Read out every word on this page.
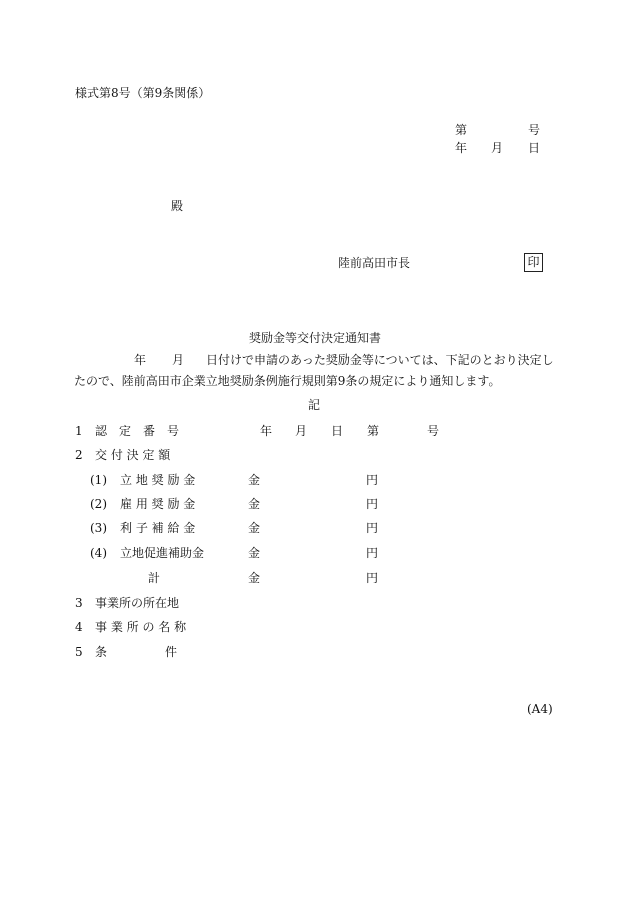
様式第8号（第9条関係）
第	号
年 月 日
殿
陸前高田市長	印
奨励金等交付決定通知書
年 月 日付けで申請のあった奨励金等については、下記のとおり決定し
たので、陸前高田市企業立地奨励条例施行規則第9条の規定により通知します。
記
1 認　定　番　号	年 月 日 第	号
2 交 付 決 定 額
(1) 立 地 奨 励 金	金	円
(2) 雇 用 奨 励 金	金	円
(3) 利 子 補 給 金	金	円
(4) 立地促進補助金	金	円
計	金	円
3 事業所の所在地
4 事 業 所 の 名 称
5 条	件
(A4)
